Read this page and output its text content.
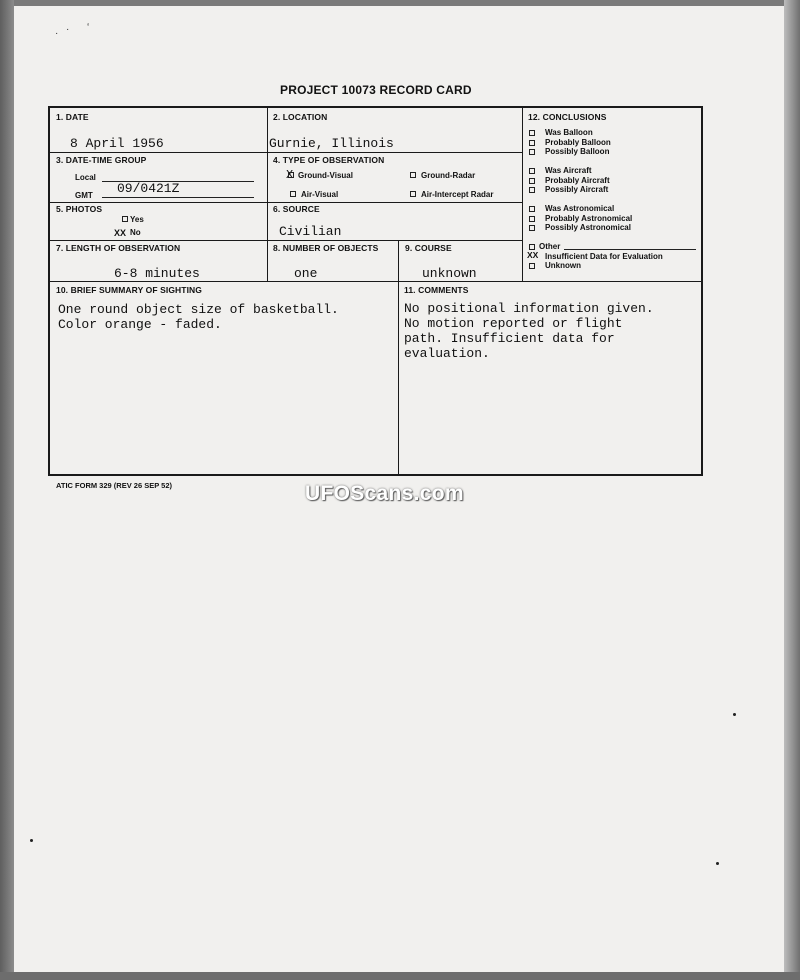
· · ‘
PROJECT 10073 RECORD CARD
1. DATE
8 April 1956
2. LOCATION
Gurnie, Illinois
3. DATE-TIME GROUP
Local
GMT 09/0421Z
4. TYPE OF OBSERVATION
X Ground-Visual	Ground-Radar
Air-Visual	Air-Intercept Radar
5. PHOTOS
Yes
XX No
6. SOURCE
Civilian
7. LENGTH OF OBSERVATION
6-8 minutes
8. NUMBER OF OBJECTS
one
9. COURSE
unknown
10. BRIEF SUMMARY OF SIGHTING
One round object size of basketball.
Color orange - faded.
11. COMMENTS
No positional information given.
No motion reported or flight
path. Insufficient data for
evaluation.
12. CONCLUSIONS
Was Balloon
Probably Balloon
Possibly Balloon
Was Aircraft
Probably Aircraft
Possibly Aircraft
Was Astronomical
Probably Astronomical
Possibly Astronomical
Other
XX Insufficient Data for Evaluation
Unknown
ATIC FORM 329 (REV 26 SEP 52)	UFOScans.com
